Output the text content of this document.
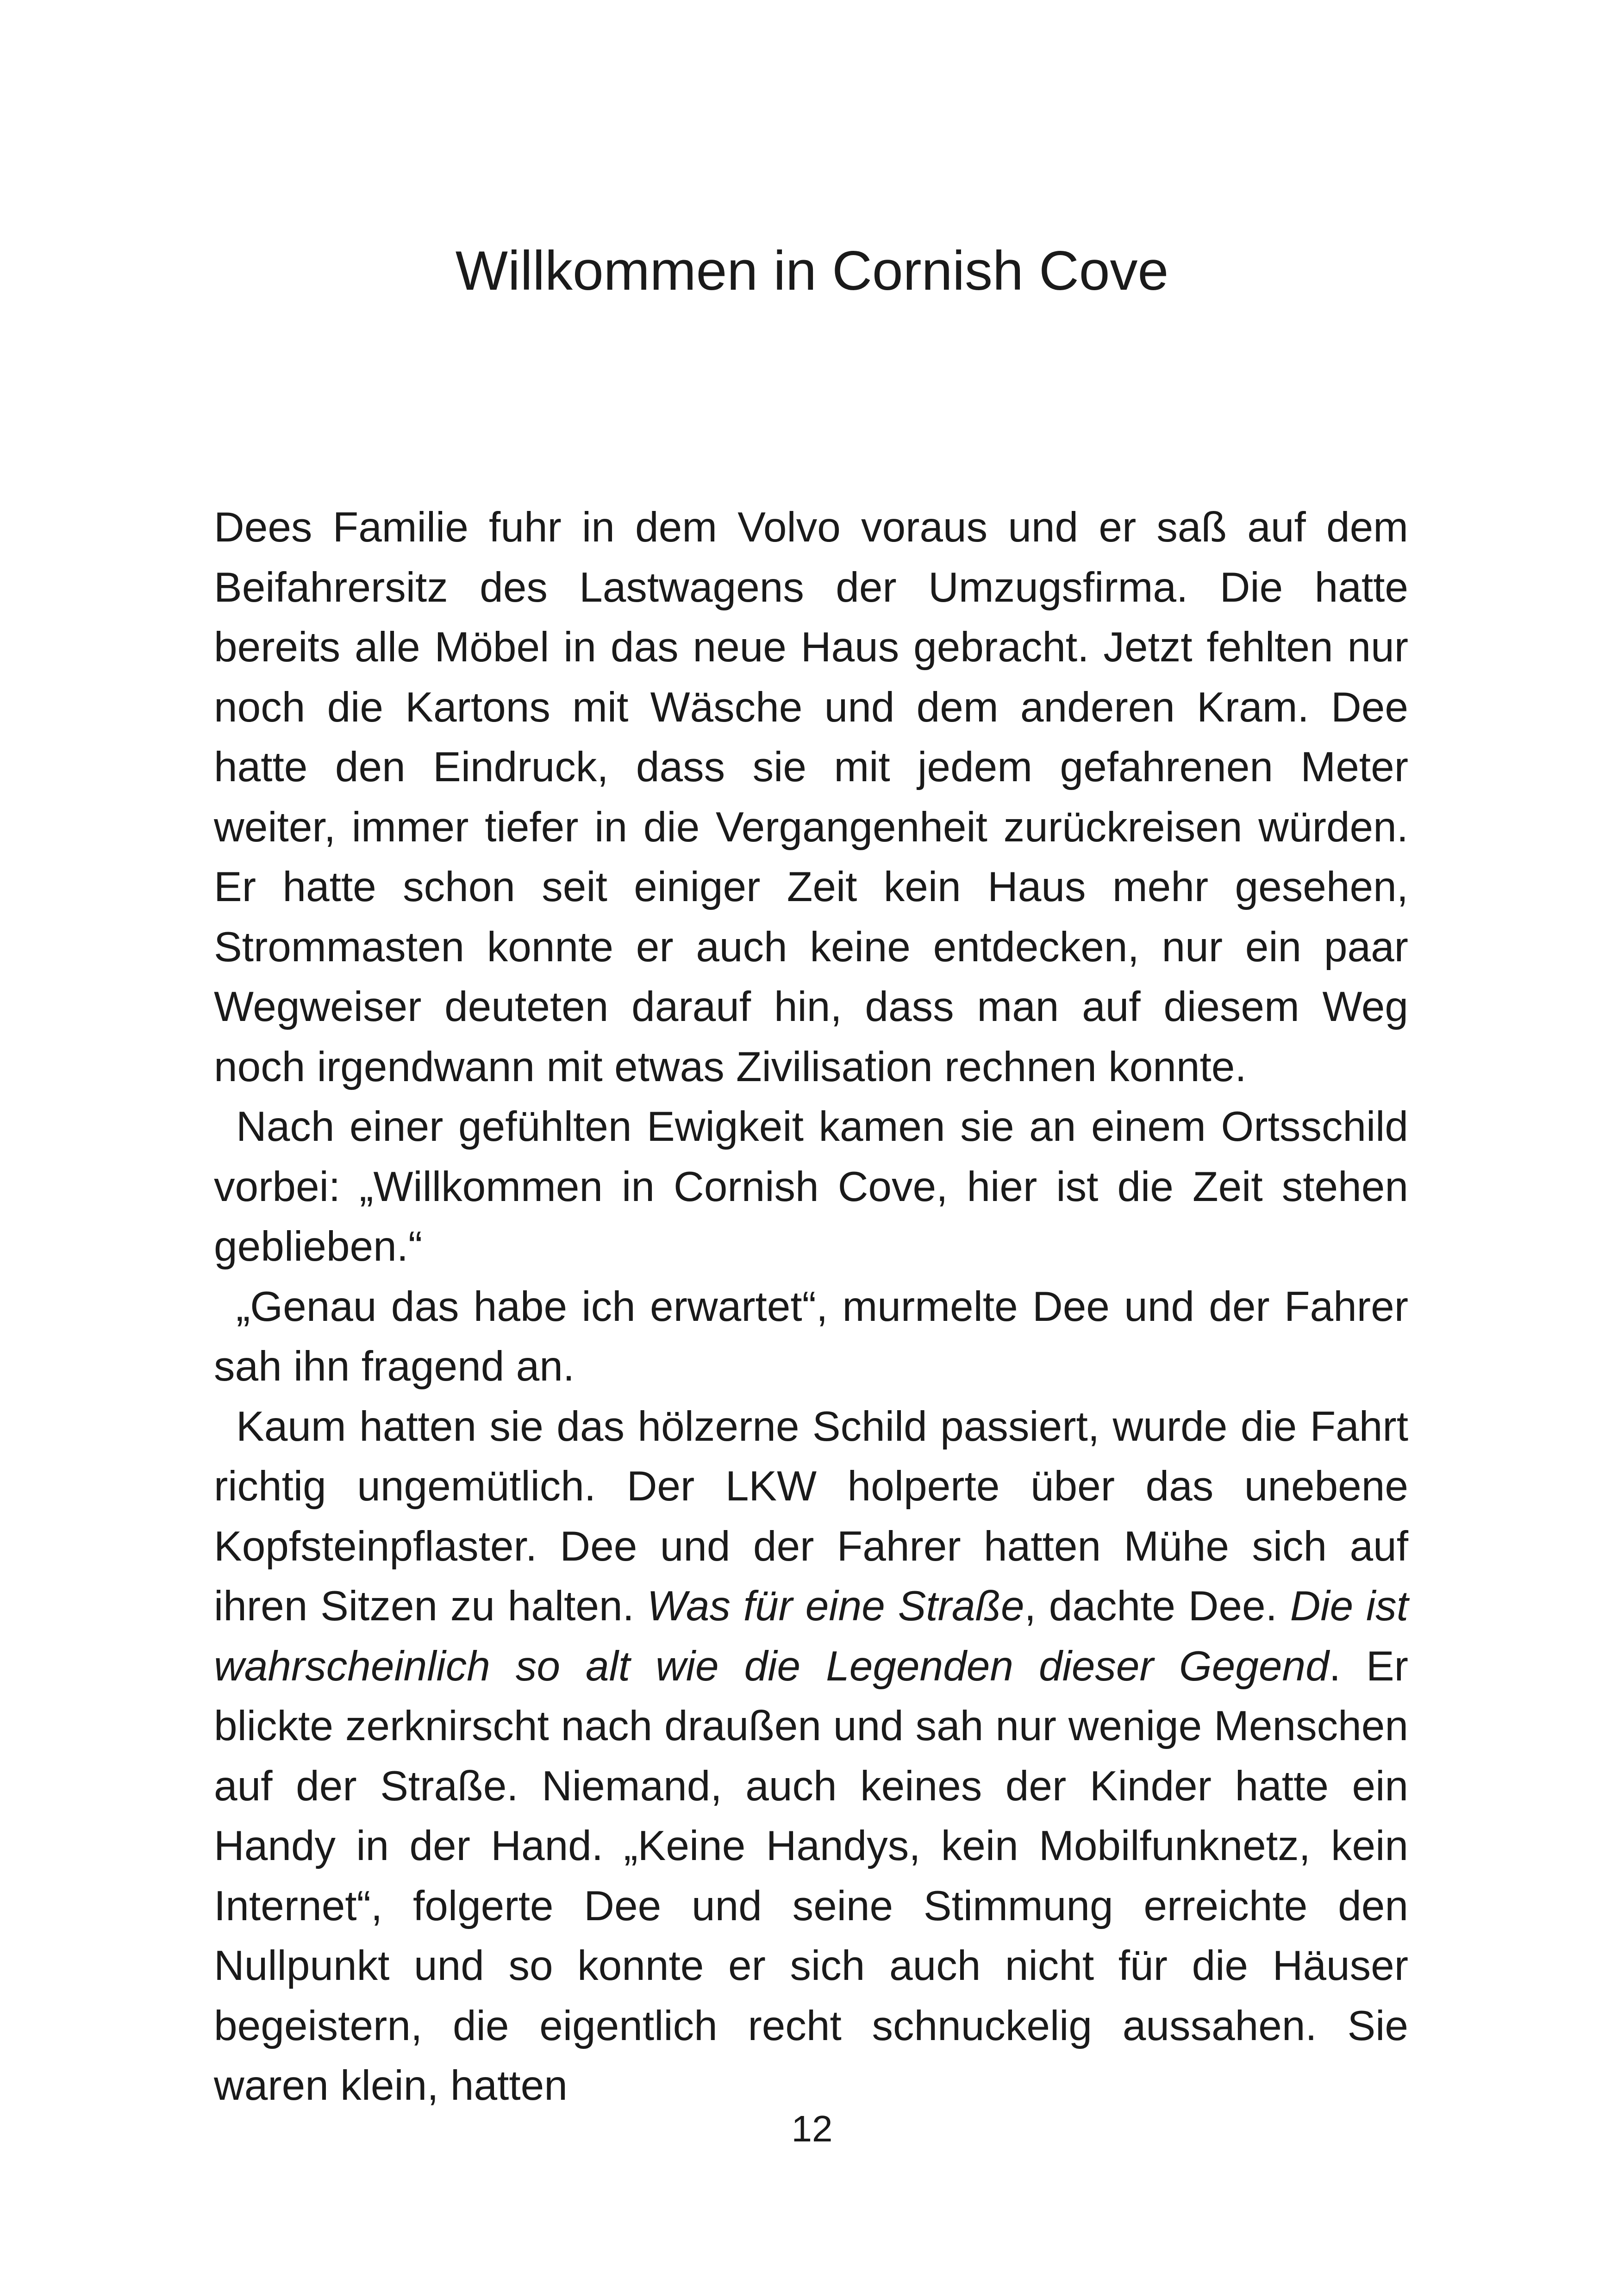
Willkommen in Cornish Cove

Dees Familie fuhr in dem Volvo voraus und er saß auf dem Beifahrersitz des Lastwagens der Umzugsfirma. Die hatte bereits alle Möbel in das neue Haus gebracht. Jetzt fehlten nur noch die Kartons mit Wäsche und dem anderen Kram. Dee hatte den Eindruck, dass sie mit jedem gefahrenen Meter weiter, immer tiefer in die Vergangenheit zurückreisen würden. Er hatte schon seit einiger Zeit kein Haus mehr gesehen, Strommasten konnte er auch keine entdecken, nur ein paar Wegweiser deuteten darauf hin, dass man auf diesem Weg noch irgendwann mit etwas Zivilisation rechnen konnte.

Nach einer gefühlten Ewigkeit kamen sie an einem Ortsschild vorbei: „Willkommen in Cornish Cove, hier ist die Zeit stehen geblieben.“

„Genau das habe ich erwartet“, murmelte Dee und der Fahrer sah ihn fragend an.

Kaum hatten sie das hölzerne Schild passiert, wurde die Fahrt richtig ungemütlich. Der LKW holperte über das unebene Kopfsteinpflaster. Dee und der Fahrer hatten Mühe sich auf ihren Sitzen zu halten. Was für eine Straße, dachte Dee. Die ist wahrscheinlich so alt wie die Legenden dieser Gegend. Er blickte zerknirscht nach draußen und sah nur wenige Menschen auf der Straße. Niemand, auch keines der Kinder hatte ein Handy in der Hand. „Keine Handys, kein Mobilfunknetz, kein Internet“, folgerte Dee und seine Stimmung erreichte den Nullpunkt und so konnte er sich auch nicht für die Häuser begeistern, die eigentlich recht schnuckelig aussahen. Sie waren klein, hatten

12
